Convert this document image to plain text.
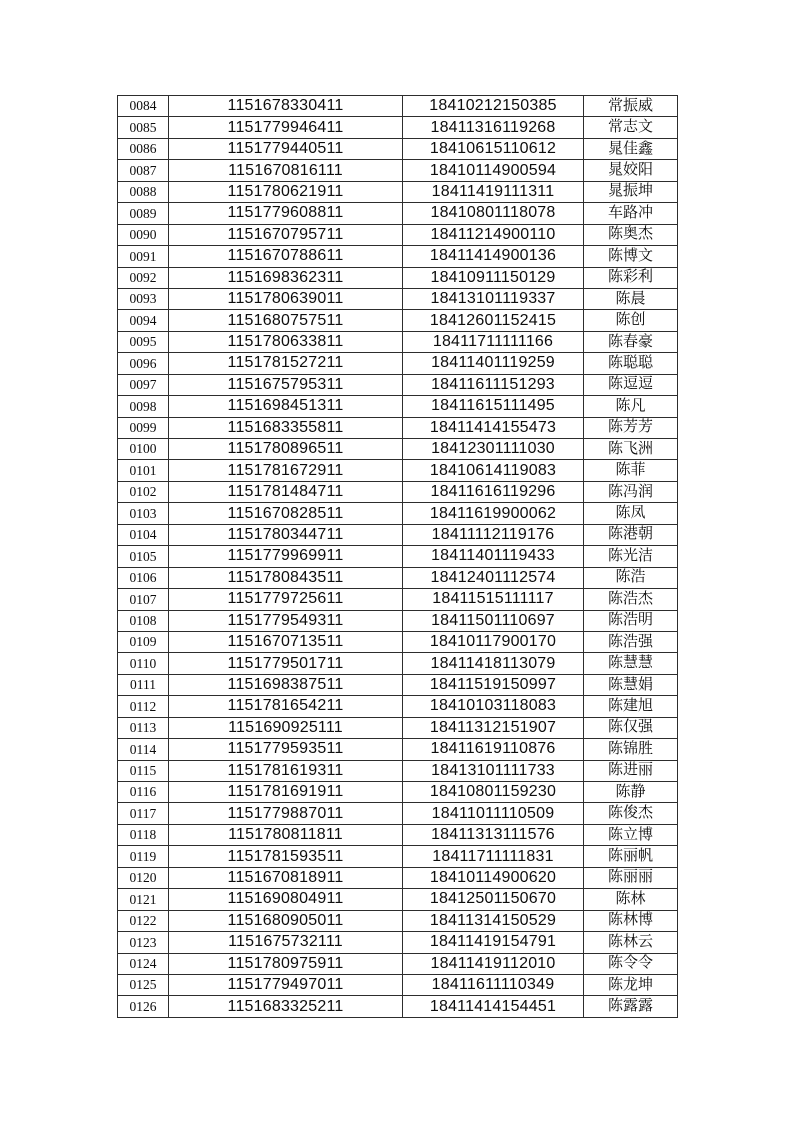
0084	1151678330411	18410212150385	常振威
0085	1151779946411	18411316119268	常志文
0086	1151779440511	18410615110612	晁佳鑫
0087	1151670816111	18410114900594	晁姣阳
0088	1151780621911	18411419111311	晁振坤
0089	1151779608811	18410801118078	车路冲
0090	1151670795711	18411214900110	陈奥杰
0091	1151670788611	18411414900136	陈博文
0092	1151698362311	18410911150129	陈彩利
0093	1151780639011	18413101119337	陈晨
0094	1151680757511	18412601152415	陈创
0095	1151780633811	18411711111166	陈春豪
0096	1151781527211	18411401119259	陈聪聪
0097	1151675795311	18411611151293	陈逗逗
0098	1151698451311	18411615111495	陈凡
0099	1151683355811	18411414155473	陈芳芳
0100	1151780896511	18412301111030	陈飞洲
0101	1151781672911	18410614119083	陈菲
0102	1151781484711	18411616119296	陈冯润
0103	1151670828511	18411619900062	陈凤
0104	1151780344711	18411112119176	陈港朝
0105	1151779969911	18411401119433	陈光洁
0106	1151780843511	18412401112574	陈浩
0107	1151779725611	18411515111117	陈浩杰
0108	1151779549311	18411501110697	陈浩明
0109	1151670713511	18410117900170	陈浩强
0110	1151779501711	18411418113079	陈慧慧
0111	1151698387511	18411519150997	陈慧娟
0112	1151781654211	18410103118083	陈建旭
0113	1151690925111	18411312151907	陈仅强
0114	1151779593511	18411619110876	陈锦胜
0115	1151781619311	18413101111733	陈进丽
0116	1151781691911	18410801159230	陈静
0117	1151779887011	18411011110509	陈俊杰
0118	1151780811811	18411313111576	陈立博
0119	1151781593511	18411711111831	陈丽帆
0120	1151670818911	18410114900620	陈丽丽
0121	1151690804911	18412501150670	陈林
0122	1151680905011	18411314150529	陈林博
0123	1151675732111	18411419154791	陈林云
0124	1151780975911	18411419112010	陈令令
0125	1151779497011	18411611110349	陈龙坤
0126	1151683325211	18411414154451	陈露露
